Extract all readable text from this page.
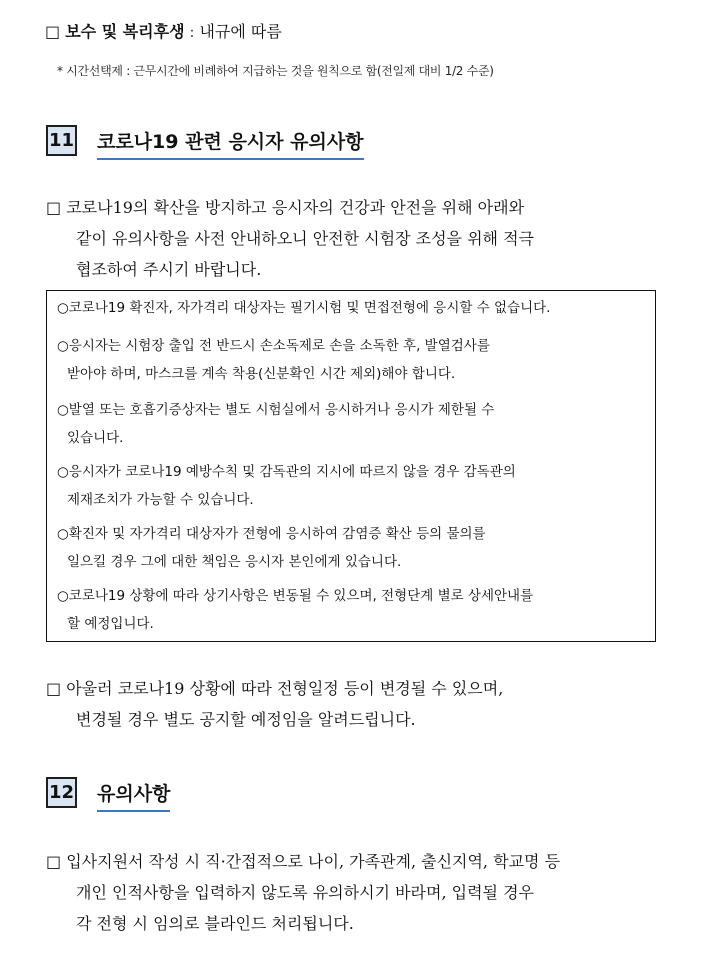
□ 보수 및 복리후생 : 내규에 따름
* 시간선택제 : 근무시간에 비례하여 지급하는 것을 원칙으로 함(전일제 대비 1/2 수준)
11 코로나19 관련 응시자 유의사항
□ 코로나19의 확산을 방지하고 응시자의 건강과 안전을 위해 아래와
같이 유의사항을 사전 안내하오니 안전한 시험장 조성을 위해 적극
협조하여 주시기 바랍니다.
○코로나19 확진자, 자가격리 대상자는 필기시험 및 면접전형에 응시할 수 없습니다.
○응시자는 시험장 출입 전 반드시 손소독제로 손을 소독한 후, 발열검사를
받아야 하며, 마스크를 계속 착용(신분확인 시간 제외)해야 합니다.
○발열 또는 호흡기증상자는 별도 시험실에서 응시하거나 응시가 제한될 수
있습니다.
○응시자가 코로나19 예방수칙 및 감독관의 지시에 따르지 않을 경우 감독관의
제재조치가 가능할 수 있습니다.
○확진자 및 자가격리 대상자가 전형에 응시하여 감염증 확산 등의 물의를
일으킬 경우 그에 대한 책임은 응시자 본인에게 있습니다.
○코로나19 상황에 따라 상기사항은 변동될 수 있으며, 전형단계 별로 상세안내를
할 예정입니다.
□ 아울러 코로나19 상황에 따라 전형일정 등이 변경될 수 있으며,
변경될 경우 별도 공지할 예정임을 알려드립니다.
12 유의사항
□ 입사지원서 작성 시 직·간접적으로 나이, 가족관계, 출신지역, 학교명 등
개인 인적사항을 입력하지 않도록 유의하시기 바라며, 입력될 경우
각 전형 시 임의로 블라인드 처리됩니다.
